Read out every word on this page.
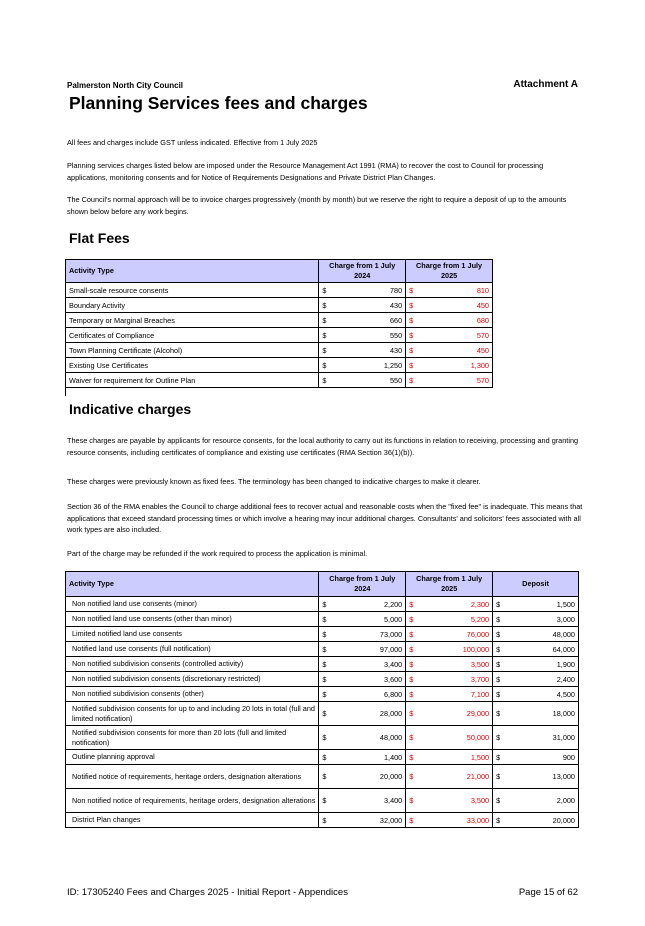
Palmerston North City Council	Attachment A
Planning Services fees and charges
All fees and charges include GST unless indicated. Effective from 1 July 2025
Planning services charges listed below are imposed under the Resource Management Act 1991 (RMA) to recover the cost to Council for processing applications, monitoring consents and for Notice of Requirements Designations and Private District Plan Changes.
The Council's normal approach will be to invoice charges progressively (month by month) but we reserve the right to require a deposit of up to the amounts shown below before any work begins.
Flat Fees
Activity Type	Charge from 1 July 2024		Charge from 1 July 2025	
Small-scale resource consents	$	780	$	810
Boundary Activity	$	430	$	450
Temporary or Marginal Breaches	$	660	$	680
Certificates of Compliance	$	550	$	570
Town Planning Certificate (Alcohol)	$	430	$	450
Existing Use Certificates	$	1,250	$	1,300
Waiver for requirement for Outline Plan	$	550	$	570
Indicative charges
These charges are payable by applicants for resource consents, for the local authority to carry out its functions in relation to receiving, processing and granting resource consents, including certificates of compliance and existing use certificates (RMA Section 36(1)(b)).
These charges were previously known as fixed fees. The terminology has been changed to indicative charges to make it clearer.
Section 36 of the RMA enables the Council to charge additional fees to recover actual and reasonable costs when the "fixed fee" is inadequate. This means that applications that exceed standard processing times or which involve a hearing may incur additional charges. Consultants' and solicitors' fees associated with all work types are also included.
Part of the charge may be refunded if the work required to process the application is minimal.
Activity Type	Charge from 1 July 2024		Charge from 1 July 2025		Deposit	
Non notified land use consents (minor)	$	2,200	$	2,300	$	1,500
Non notified land use consents (other than minor)	$	5,000	$	5,200	$	3,000
Limited notified land use consents	$	73,000	$	76,000	$	48,000
Notified land use consents (full notification)	$	97,000	$	100,000	$	64,000
Non notified subdivision consents (controlled activity)	$	3,400	$	3,500	$	1,900
Non notified subdivision consents (discretionary restricted)	$	3,600	$	3,700	$	2,400
Non notified subdivision consents (other)	$	6,800	$	7,100	$	4,500
Notified subdivision consents for up to and including 20 lots in total (full and limited notification)	$	28,000	$	29,000	$	18,000
Notified subdivision consents for more than 20 lots (full and limited notification)	$	48,000	$	50,000	$	31,000
Outline planning approval	$	1,400	$	1,500	$	900
Notified notice of requirements, heritage orders, designation alterations	$	20,000	$	21,000	$	13,000
Non notified notice of requirements, heritage orders, designation alterations	$	3,400	$	3,500	$	2,000
District Plan changes	$	32,000	$	33,000	$	20,000
ID: 17305240 Fees and Charges 2025 - Initial Report - Appendices	Page 15 of 62
